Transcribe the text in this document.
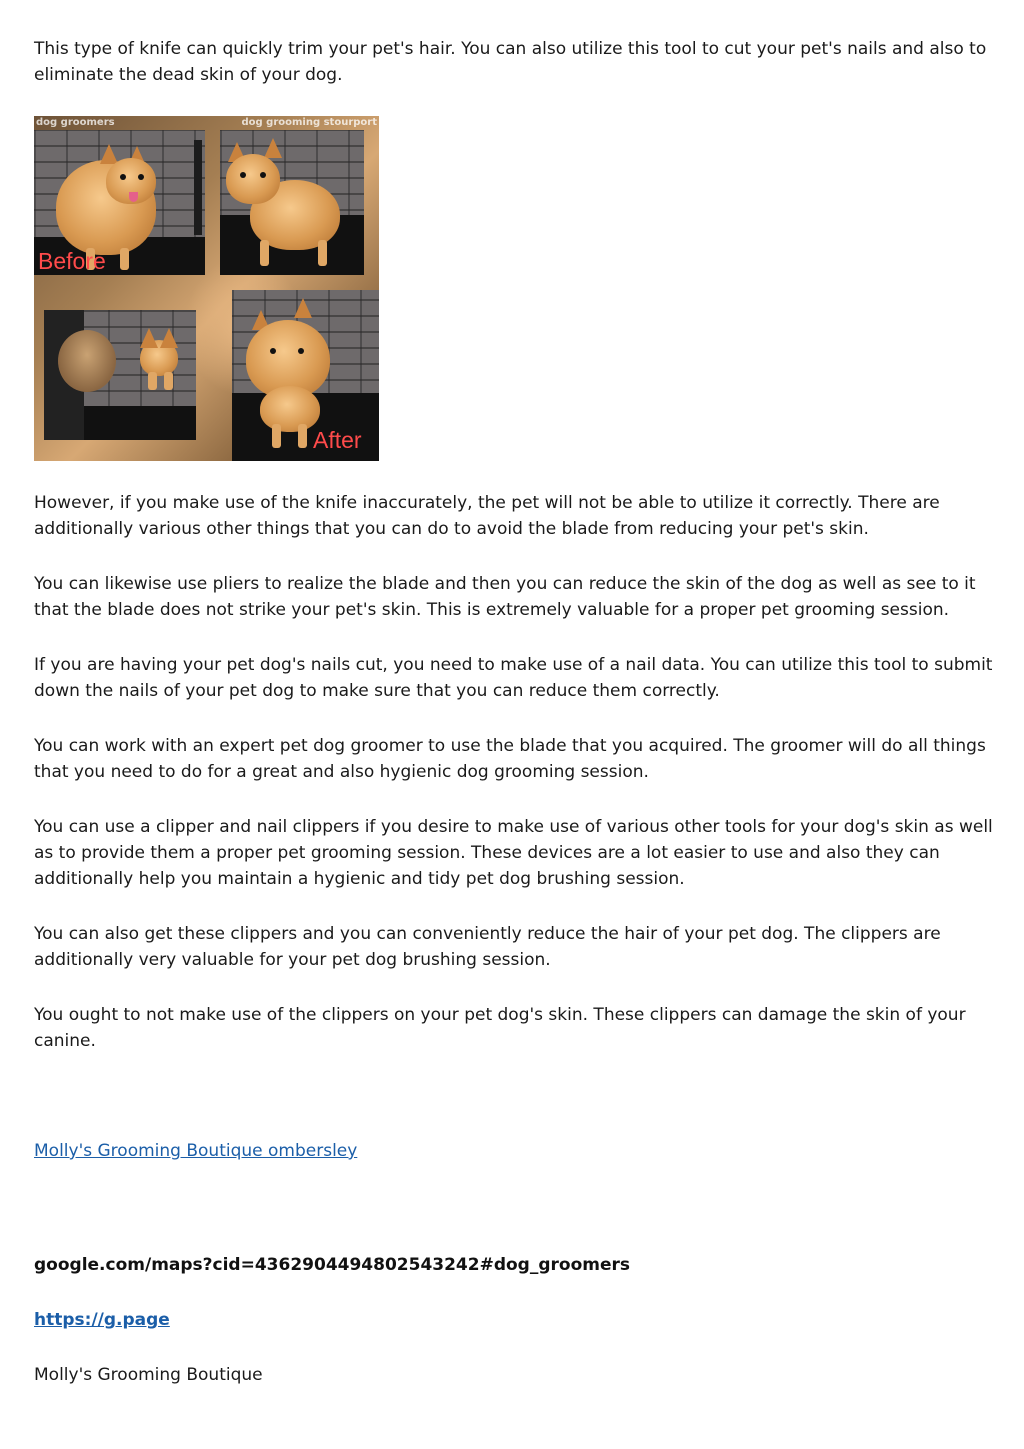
This type of knife can quickly trim your pet's hair. You can also utilize this tool to cut your pet's nails and also to eliminate the dead skin of your dog.

dog groomers	dog grooming stourport
Before
After

However, if you make use of the knife inaccurately, the pet will not be able to utilize it correctly. There are additionally various other things that you can do to avoid the blade from reducing your pet's skin.

You can likewise use pliers to realize the blade and then you can reduce the skin of the dog as well as see to it that the blade does not strike your pet's skin. This is extremely valuable for a proper pet grooming session.

If you are having your pet dog's nails cut, you need to make use of a nail data. You can utilize this tool to submit down the nails of your pet dog to make sure that you can reduce them correctly.

You can work with an expert pet dog groomer to use the blade that you acquired. The groomer will do all things that you need to do for a great and also hygienic dog grooming session.

You can use a clipper and nail clippers if you desire to make use of various other tools for your dog's skin as well as to provide them a proper pet grooming session. These devices are a lot easier to use and also they can additionally help you maintain a hygienic and tidy pet dog brushing session.

You can also get these clippers and you can conveniently reduce the hair of your pet dog. The clippers are additionally very valuable for your pet dog brushing session.

You ought to not make use of the clippers on your pet dog's skin. These clippers can damage the skin of your canine.

Molly's Grooming Boutique ombersley
google.com/maps?cid=4362904494802543242#dog_groomers
https://g.page
Molly's Grooming Boutique
